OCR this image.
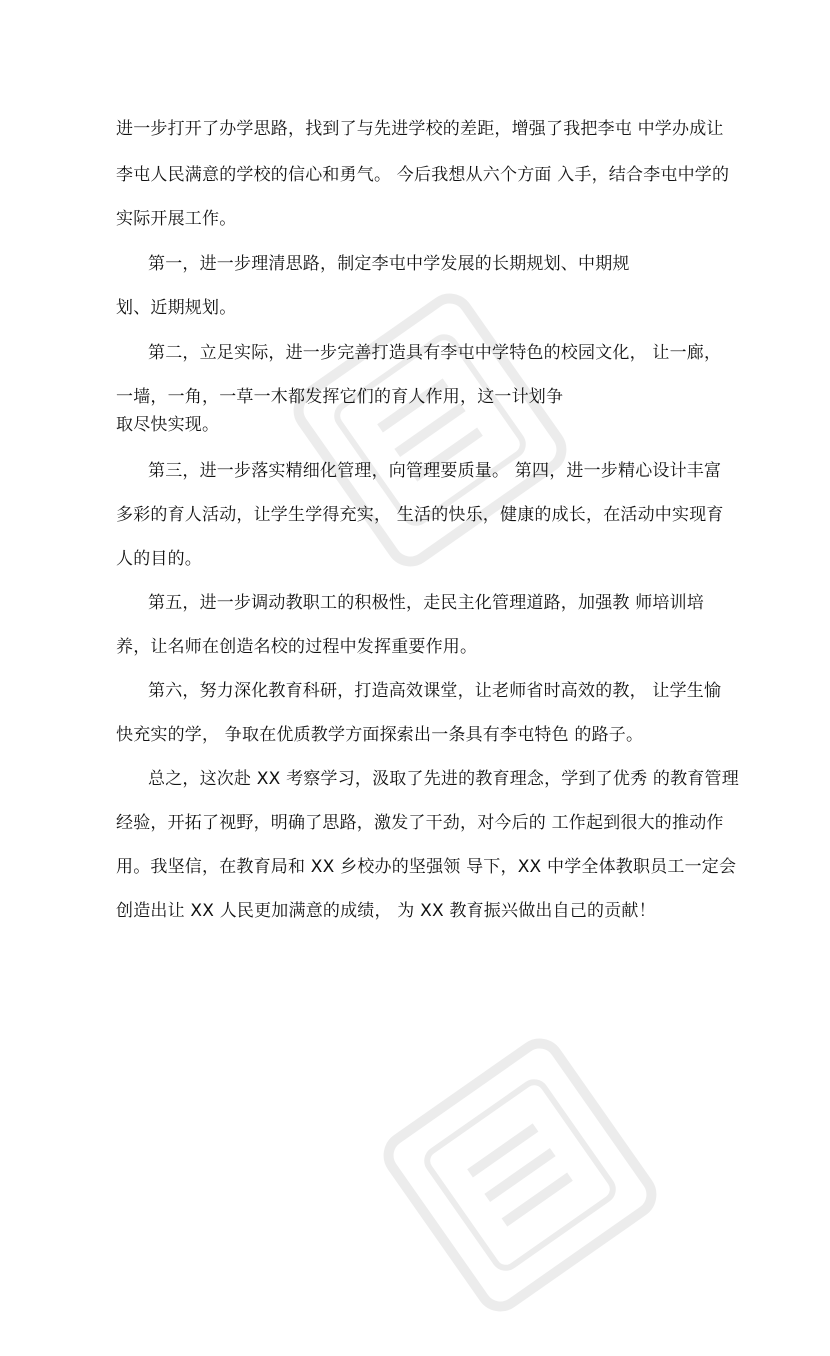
进一步打开了办学思路，找到了与先进学校的差距，增强了我把李屯 中学办成让
李屯人民满意的学校的信心和勇气。 今后我想从六个方面 入手，结合李屯中学的
实际开展工作。
第一，进一步理清思路，制定李屯中学发展的长期规划、中期规
划、近期规划。
第二，立足实际，进一步完善打造具有李屯中学特色的校园文化， 让一廊，
一墙，一角，一草一木都发挥它们的育人作用，这一计划争
取尽快实现。
第三，进一步落实精细化管理，向管理要质量。 第四，进一步精心设计丰富
多彩的育人活动，让学生学得充实， 生活的快乐，健康的成长，在活动中实现育
人的目的。
第五，进一步调动教职工的积极性，走民主化管理道路，加强教 师培训培
养，让名师在创造名校的过程中发挥重要作用。
第六，努力深化教育科研，打造高效课堂，让老师省时高效的教， 让学生愉
快充实的学， 争取在优质教学方面探索出一条具有李屯特色 的路子。
总之，这次赴 XX 考察学习，汲取了先进的教育理念，学到了优秀 的教育管理
经验，开拓了视野，明确了思路，激发了干劲，对今后的 工作起到很大的推动作
用。我坚信，在教育局和 XX 乡校办的坚强领 导下，XX 中学全体教职员工一定会
创造出让 XX 人民更加满意的成绩， 为 XX 教育振兴做出自己的贡献！
